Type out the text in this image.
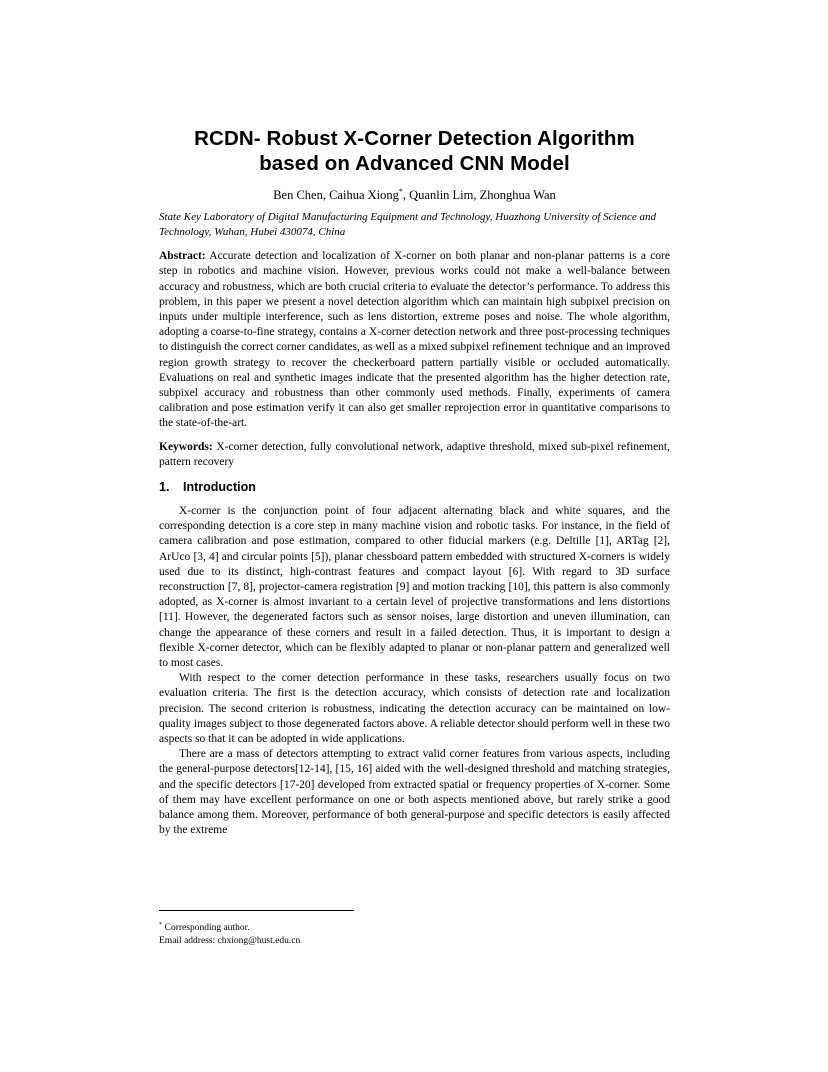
RCDN- Robust X-Corner Detection Algorithm
based on Advanced CNN Model
Ben Chen, Caihua Xiong*, Quanlin Lim, Zhonghua Wan
State Key Laboratory of Digital Manufacturing Equipment and Technology, Huazhong University of Science and Technology, Wuhan, Hubei 430074, China

Abstract: Accurate detection and localization of X-corner on both planar and non-planar patterns is a core step in robotics and machine vision. However, previous works could not make a well-balance between accuracy and robustness, which are both crucial criteria to evaluate the detector’s performance. To address this problem, in this paper we present a novel detection algorithm which can maintain high subpixel precision on inputs under multiple interference, such as lens distortion, extreme poses and noise. The whole algorithm, adopting a coarse-to-fine strategy, contains a X-corner detection network and three post-processing techniques to distinguish the correct corner candidates, as well as a mixed subpixel refinement technique and an improved region growth strategy to recover the checkerboard pattern partially visible or occluded automatically. Evaluations on real and synthetic images indicate that the presented algorithm has the higher detection rate, subpixel accuracy and robustness than other commonly used methods. Finally, experiments of camera calibration and pose estimation verify it can also get smaller reprojection error in quantitative comparisons to the state-of-the-art.

Keywords: X-corner detection, fully convolutional network, adaptive threshold, mixed sub-pixel refinement, pattern recovery

1. Introduction

X-corner is the conjunction point of four adjacent alternating black and white squares, and the corresponding detection is a core step in many machine vision and robotic tasks. For instance, in the field of camera calibration and pose estimation, compared to other fiducial markers (e.g. Deltille [1], ARTag [2], ArUco [3, 4] and circular points [5]), planar chessboard pattern embedded with structured X-corners is widely used due to its distinct, high-contrast features and compact layout [6]. With regard to 3D surface reconstruction [7, 8], projector-camera registration [9] and motion tracking [10], this pattern is also commonly adopted, as X-corner is almost invariant to a certain level of projective transformations and lens distortions [11]. However, the degenerated factors such as sensor noises, large distortion and uneven illumination, can change the appearance of these corners and result in a failed detection. Thus, it is important to design a flexible X-corner detector, which can be flexibly adapted to planar or non-planar pattern and generalized well to most cases.

With respect to the corner detection performance in these tasks, researchers usually focus on two evaluation criteria. The first is the detection accuracy, which consists of detection rate and localization precision. The second criterion is robustness, indicating the detection accuracy can be maintained on low-quality images subject to those degenerated factors above. A reliable detector should perform well in these two aspects so that it can be adopted in wide applications.

There are a mass of detectors attempting to extract valid corner features from various aspects, including the general-purpose detectors[12-14], [15, 16] aided with the well-designed threshold and matching strategies, and the specific detectors [17-20] developed from extracted spatial or frequency properties of X-corner. Some of them may have excellent performance on one or both aspects mentioned above, but rarely strike a good balance among them. Moreover, performance of both general-purpose and specific detectors is easily affected by the extreme

* Corresponding author.
Email address: chxiong@hust.edu.cn
